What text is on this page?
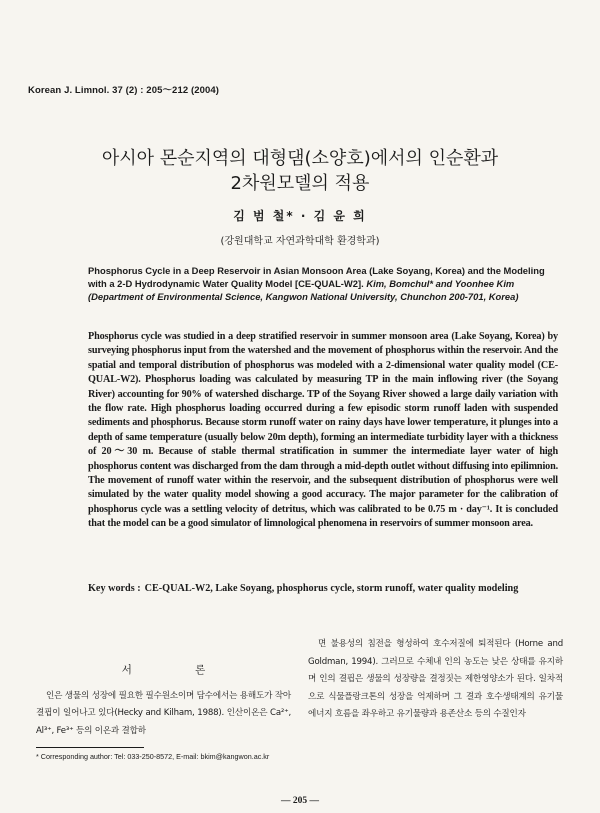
Korean J. Limnol. 37 (2) : 205～212 (2004)
아시아 몬순지역의 대형댐(소양호)에서의 인순환과
2차원모델의 적용
김 범 철* · 김 윤 희
(강원대학교 자연과학대학 환경학과)
Phosphorus Cycle in a Deep Reservoir in Asian Monsoon Area (Lake Soyang, Korea) and the Modeling with a 2-D Hydrodynamic Water Quality Model [CE-QUAL-W2]. Kim, Bomchul* and Yoonhee Kim (Department of Environmental Science, Kangwon National University, Chunchon 200-701, Korea)
Phosphorus cycle was studied in a deep stratified reservoir in summer monsoon area (Lake Soyang, Korea) by surveying phosphorus input from the watershed and the movement of phosphorus within the reservoir. And the spatial and temporal distribution of phosphorus was modeled with a 2-dimensional water quality model (CE-QUAL-W2). Phosphorus loading was calculated by measuring TP in the main inflowing river (the Soyang River) accounting for 90% of watershed discharge. TP of the Soyang River showed a large daily variation with the flow rate. High phosphorus loading occurred during a few episodic storm runoff laden with suspended sediments and phosphorus. Because storm runoff water on rainy days have lower temperature, it plunges into a depth of same temperature (usually below 20m depth), forming an intermediate turbidity layer with a thickness of 20～30 m. Because of stable thermal stratification in summer the intermediate layer water of high phosphorus content was discharged from the dam through a mid-depth outlet without diffusing into epilimnion. The movement of runoff water within the reservoir, and the subsequent distribution of phosphorus were well simulated by the water quality model showing a good accuracy. The major parameter for the calibration of phosphorus cycle was a settling velocity of detritus, which was calibrated to be 0.75 m · day⁻¹. It is concluded that the model can be a good simulator of limnological phenomena in reservoirs of summer monsoon area.
Key words : CE-QUAL-W2, Lake Soyang, phosphorus cycle, storm runoff, water quality modeling
서 론

인은 생물의 성장에 필요한 필수원소이며 담수에서는 용해도가 작아 결핍이 일어나고 있다(Hecky and Kilham, 1988). 인산이온은 Ca²⁺, Al³⁺, Fe³⁺ 등의 이온과 결합하

면 불용성의 침전을 형성하여 호수저질에 퇴적된다 (Horne and Goldman, 1994). 그러므로 수체내 인의 농도는 낮은 상태를 유지하며 인의 결핍은 생물의 성장량을 결정짓는 제한영양소가 된다. 일차적으로 식물플랑크톤의 성장을 억제하며 그 결과 호수생태계의 유기물 에너지 흐름을 좌우하고 유기물량과 용존산소 등의 수질인자

* Corresponding author: Tel: 033-250-8572, E-mail: bkim@kangwon.ac.kr
— 205 —
